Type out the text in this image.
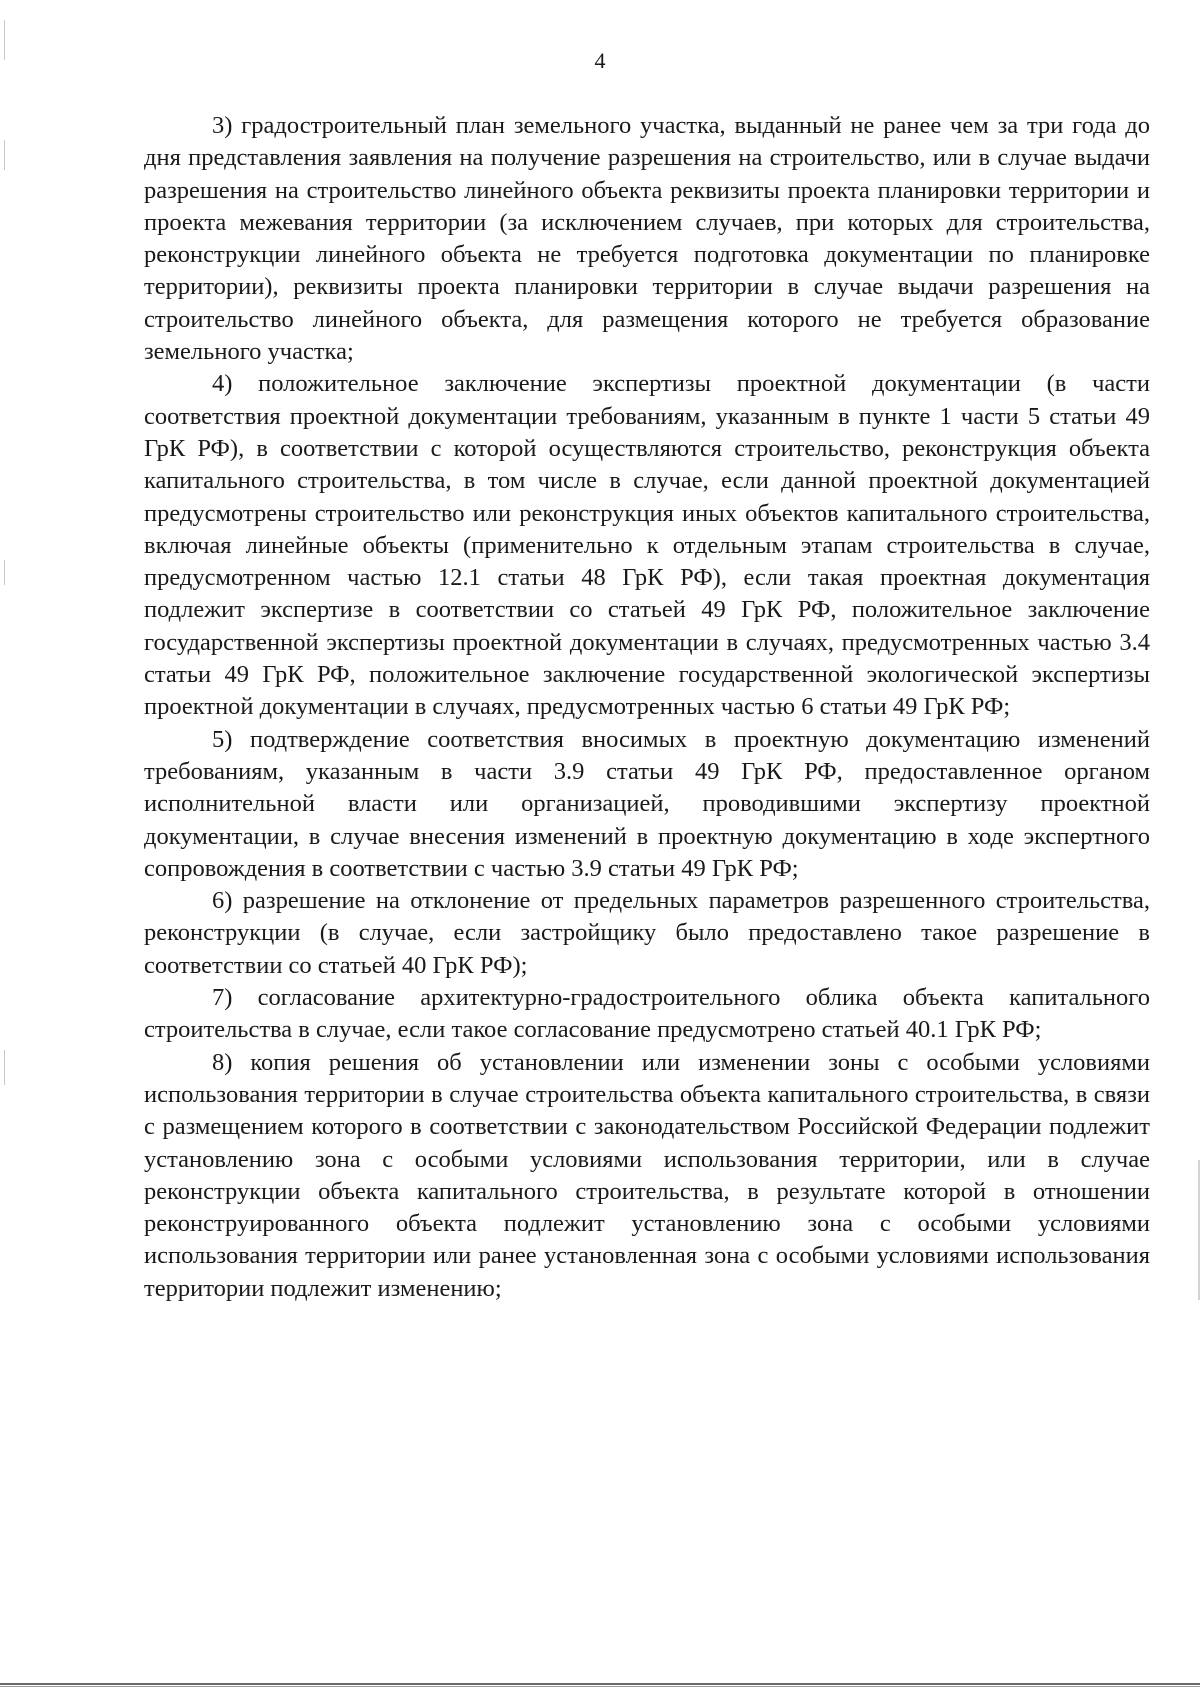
4

3) градостроительный план земельного участка, выданный не ранее чем за три года до дня представления заявления на получение разрешения на строительство, или в случае выдачи разрешения на строительство линейного объекта реквизиты проекта планировки территории и проекта межевания территории (за исключением случаев, при которых для строительства, реконструкции линейного объекта не требуется подготовка документации по планировке территории), реквизиты проекта планировки территории в случае выдачи разрешения на строительство линейного объекта, для размещения которого не требуется образование земельного участка;

4) положительное заключение экспертизы проектной документации (в части соответствия проектной документации требованиям, указанным в пункте 1 части 5 статьи 49 ГрК РФ), в соответствии с которой осуществляются строительство, реконструкция объекта капитального строительства, в том числе в случае, если данной проектной документацией предусмотрены строительство или реконструкция иных объектов капитального строительства, включая линейные объекты (применительно к отдельным этапам строительства в случае, предусмотренном частью 12.1 статьи 48 ГрК РФ), если такая проектная документация подлежит экспертизе в соответствии со статьей 49 ГрК РФ, положительное заключение государственной экспертизы проектной документации в случаях, предусмотренных частью 3.4 статьи 49 ГрК РФ, положительное заключение государственной экологической экспертизы проектной документации в случаях, предусмотренных частью 6 статьи 49 ГрК РФ;

5) подтверждение соответствия вносимых в проектную документацию изменений требованиям, указанным в части 3.9 статьи 49 ГрК РФ, предоставленное органом исполнительной власти или организацией, проводившими экспертизу проектной документации, в случае внесения изменений в проектную документацию в ходе экспертного сопровождения в соответствии с частью 3.9 статьи 49 ГрК РФ;

6) разрешение на отклонение от предельных параметров разрешенного строительства, реконструкции (в случае, если застройщику было предоставлено такое разрешение в соответствии со статьей 40 ГрК РФ);

7) согласование архитектурно-градостроительного облика объекта капитального строительства в случае, если такое согласование предусмотрено статьей 40.1 ГрК РФ;

8) копия решения об установлении или изменении зоны с особыми условиями использования территории в случае строительства объекта капитального строительства, в связи с размещением которого в соответствии с законодательством Российской Федерации подлежит установлению зона с особыми условиями использования территории, или в случае реконструкции объекта капитального строительства, в результате которой в отношении реконструированного объекта подлежит установлению зона с особыми условиями использования территории или ранее установленная зона с особыми условиями использования территории подлежит изменению;
